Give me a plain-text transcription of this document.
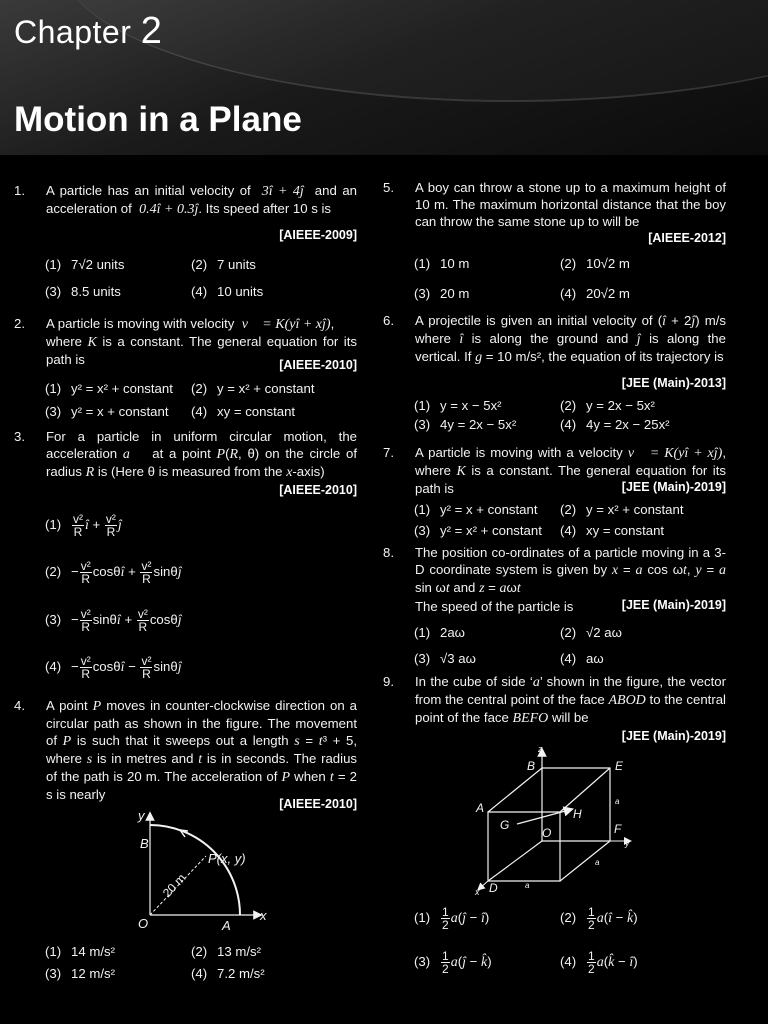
Chapter 2
Motion in a Plane
1. A particle has an initial velocity of  3î + 4ĵ  and an acceleration of  0.4î + 0.3ĵ. Its speed after 10 s is
[AIEEE-2009]
(1) 7√2 units	(2) 7 units
(3) 8.5 units	(4) 10 units
2. A particle is moving with velocity  v⃗ = K(yî + xĵ),
where K is a constant. The general equation for its path is	[AIEEE-2010]
(1) y² = x² + constant (2) y = x² + constant
(3) y² = x + constant (4) xy = constant
3. For a particle in uniform circular motion, the acceleration a⃗  at a point P(R, θ) on the circle of radius R is (Here θ is measured from the x-axis)
[AIEEE-2010]
$(1) \frac{\text{v²}}{R}$ î + $\frac{\text{v²}}{R}$ ĵ
$(2) - \frac{\text{v²}}{R}$ cosθî + $\frac{\text{v²}}{R}$ sinθĵ
$(3) - \frac{\text{v²}}{R}$ sinθî + $\frac{\text{v²}}{R}$ cosθĵ
$(4) - \frac{\text{v²}}{R}$ cosθî − $\frac{\text{v²}}{R}$ sinθĵ
4. A point P moves in counter-clockwise direction on a circular path as shown in the figure. The movement of P is such that it sweeps out a length s = t³ + 5, where s is in metres and t is in seconds. The radius of the path is 20 m. The acceleration of P when t = 2 s is nearly
[AIEEE-2010]
y
x
B
O	A
P(x, y)
20 m
(1) 14 m/s²	(2) 13 m/s²
(3) 12 m/s²	(4) 7.2 m/s²
5. A boy can throw a stone up to a maximum height of 10 m. The maximum horizontal distance that the boy can throw the same stone up to will be
[AIEEE-2012]
(1) 10 m	(2) 10√2 m
(3) 20 m	(4) 20√2 m
6. A projectile is given an initial velocity of (î + 2ĵ) m/s where î is along the ground and ĵ is along the vertical. If g = 10 m/s², the equation of its trajectory is
[JEE (Main)-2013]
(1) y = x − 5x²	(2) y = 2x − 5x²
(3) 4y = 2x − 5x²	(4) 4y = 2x − 25x²
7. A particle is moving with a velocity v⃗ = K(yî + xĵ), where K is a constant. The general equation for its path is	[JEE (Main)-2019]
(1) y² = x + constant (2) y = x² + constant
(3) y² = x² + constant (4) xy = constant
8. The position co-ordinates of a particle moving in a 3-D coordinate system is given by x = a cos ωt, y = a sin ωt and z = aωt
The speed of the particle is	[JEE (Main)-2019]
(1) 2aω	(2) √2 aω
(3) √3 aω	(4) aω
9. In the cube of side ‘a’ shown in the figure, the vector from the central point of the face ABOD to the central point of the face BEFO will be
[JEE (Main)-2019]
z
B	E
A
G
H
O	F
y
x D
a
a
a
$(1) \frac{1}{2}$ a(ĵ − î)	$(2) \frac{1}{2}$ a(î − k̂)
$(3) \frac{1}{2}$ a(ĵ − k̂)	$(4) \frac{1}{2}$ a(k̂ − î)
